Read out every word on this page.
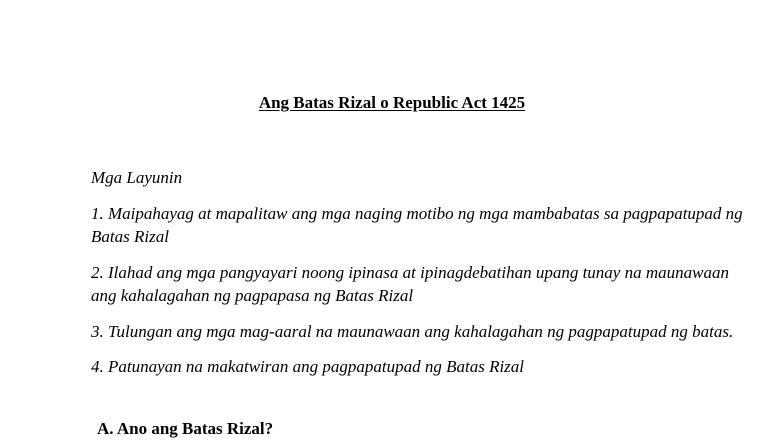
Ang Batas Rizal o Republic Act 1425

Mga Layunin

1. Maipahayag at mapalitaw ang mga naging motibo ng mga mambabatas sa pagpapatupad ng Batas Rizal

2. Ilahad ang mga pangyayari noong ipinasa at ipinagdebatihan upang tunay na maunawaan ang kahalagahan ng pagpapasa ng Batas Rizal

3. Tulungan ang mga mag-aaral na maunawaan ang kahalagahan ng pagpapatupad ng batas.

4. Patunayan na makatwiran ang pagpapatupad ng Batas Rizal

A. Ano ang Batas Rizal?
